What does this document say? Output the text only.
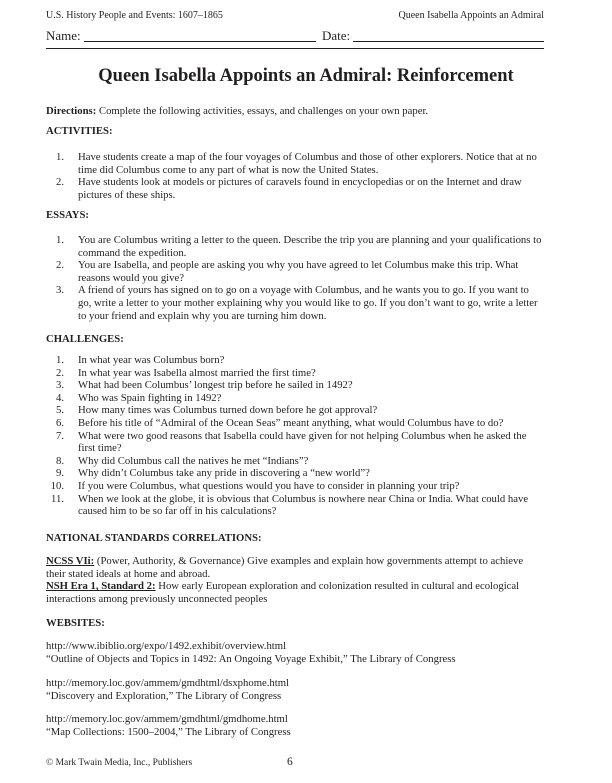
U.S. History People and Events: 1607–1865	Queen Isabella Appoints an Admiral
Name:	Date:
Queen Isabella Appoints an Admiral: Reinforcement

Directions: Complete the following activities, essays, and challenges on your own paper.

ACTIVITIES:
1. Have students create a map of the four voyages of Columbus and those of other explorers. Notice that at no time did Columbus come to any part of what is now the United States.
2. Have students look at models or pictures of caravels found in encyclopedias or on the Internet and draw pictures of these ships.
ESSAYS:
1. You are Columbus writing a letter to the queen. Describe the trip you are planning and your qualifications to command the expedition.
2. You are Isabella, and people are asking you why you have agreed to let Columbus make this trip. What reasons would you give?
3. A friend of yours has signed on to go on a voyage with Columbus, and he wants you to go. If you want to go, write a letter to your mother explaining why you would like to go. If you don’t want to go, write a letter to your friend and explain why you are turning him down.
CHALLENGES:
1. In what year was Columbus born?
2. In what year was Isabella almost married the first time?
3. What had been Columbus’ longest trip before he sailed in 1492?
4. Who was Spain fighting in 1492?
5. How many times was Columbus turned down before he got approval?
6. Before his title of “Admiral of the Ocean Seas” meant anything, what would Columbus have to do?
7. What were two good reasons that Isabella could have given for not helping Columbus when he asked the first time?
8. Why did Columbus call the natives he met “Indians”?
9. Why didn’t Columbus take any pride in discovering a “new world”?
10. If you were Columbus, what questions would you have to consider in planning your trip?
11. When we look at the globe, it is obvious that Columbus is nowhere near China or India. What could have caused him to be so far off in his calculations?
NATIONAL STANDARDS CORRELATIONS:

NCSS VIi: (Power, Authority, & Governance) Give examples and explain how governments attempt to achieve their stated ideals at home and abroad.

NSH Era 1, Standard 2: How early European exploration and colonization resulted in cultural and ecological interactions among previously unconnected peoples

WEBSITES:
http://www.ibiblio.org/expo/1492.exhibit/overview.html
“Outline of Objects and Topics in 1492: An Ongoing Voyage Exhibit,” The Library of Congress
http://memory.loc.gov/ammem/gmdhtml/dsxphome.html
“Discovery and Exploration,” The Library of Congress
http://memory.loc.gov/ammem/gmdhtml/gmdhome.html
“Map Collections: 1500–2004,” The Library of Congress
© Mark Twain Media, Inc., Publishers	6
